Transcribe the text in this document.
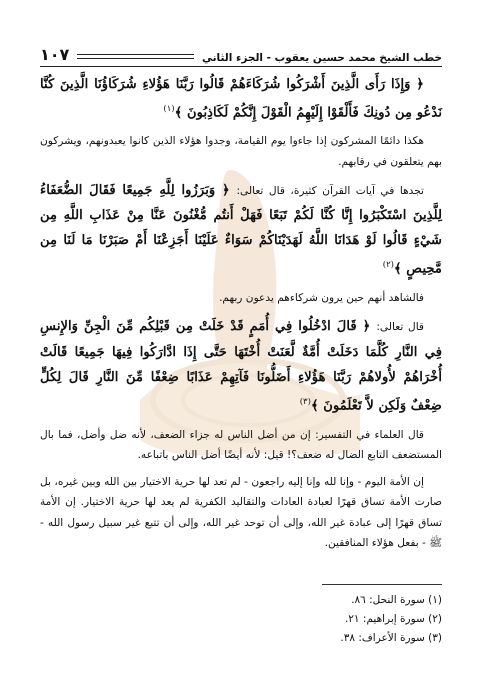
خطب الشيخ محمد حسين يعقوب - الجزء الثاني
١٠٧
﴿ وَإِذَا رَأَى الَّذِينَ أَشْرَكُوا شُرَكَاءَهُمْ قَالُوا رَبَّنَا هَؤُلاءِ شُرَكَاؤُنَا الَّذِينَ كُنَّا نَدْعُو مِن دُونِكَ فَأَلْقَوْا إِلَيْهِمُ الْقَوْلَ إِنَّكُمْ لَكَاذِبُونَ ﴾$^{(١)}$
هكذا دائمًا المشركون إذا جاءوا يوم القيامة، وجدوا هؤلاء الذين كانوا يعبدونهم، ويشركون بهم يتعلقون في رقابهم.
تجدها في آيات القرآن كثيرة، قال تعالى: ﴿ وَبَرَزُوا لِلَّهِ جَمِيعًا فَقَالَ الضُّعَفَاءُ لِلَّذِينَ اسْتَكْبَرُوا إِنَّا كُنَّا لَكُمْ تَبَعًا فَهَلْ أَنتُم مُّغْنُونَ عَنَّا مِنْ عَذَابِ اللَّهِ مِن شَيْءٍ قَالُوا لَوْ هَدَانَا اللَّهُ لَهَدَيْنَاكُمْ سَوَاءٌ عَلَيْنَا أَجَزِعْنَا أَمْ صَبَرْنَا مَا لَنَا مِن مَّحِيصٍ ﴾$^{(٢)}$
فالشاهد أنهم حين يرون شركاءهم يدعون ربهم.
قال تعالى: ﴿ قَالَ ادْخُلُوا فِي أُمَمٍ قَدْ خَلَتْ مِن قَبْلِكُم مِّنَ الْجِنِّ وَالإِنسِ فِي النَّارِ كُلَّمَا دَخَلَتْ أُمَّةٌ لَّعَنَتْ أُخْتَهَا حَتَّى إِذَا ادَّارَكُوا فِيهَا جَمِيعًا قَالَتْ أُخْرَاهُمْ لأُولاهُمْ رَبَّنَا هَؤُلاءِ أَضَلُّونَا فَآتِهِمْ عَذَابًا ضِعْفًا مِّنَ النَّارِ قَالَ لِكُلٍّ ضِعْفٌ وَلَكِن لاَّ تَعْلَمُونَ ﴾$^{(٣)}$
قال العلماء في التفسير: إن من أضل الناس له جزاء الضعف، لأنه ضل وأضل، فما بال المستضعف التابع الضال له ضعف؟! قيل: لأنه أيضًا أضل الناس باتباعه.
إن الأمة اليوم - وإنا لله وإنا إليه راجعون - لم تعد لها حرية الاختيار بين الله وبين غيره، بل صارت الأمة تساق قهرًا لعبادة العادات والتقاليد الكفرية لم يعد لها حرية الاختيار. إن الأمة تساق قهرًا إلى عبادة غير الله، وإلى أن توحد غير الله، وإلى أن تتبع غير سبيل رسول الله - ﷺ - بفعل هؤلاء المنافقين.
(١) سورة النحل: ٨٦.
(٢) سورة إبراهيم: ٢١.
(٣) سورة الأعراف: ٣٨.
